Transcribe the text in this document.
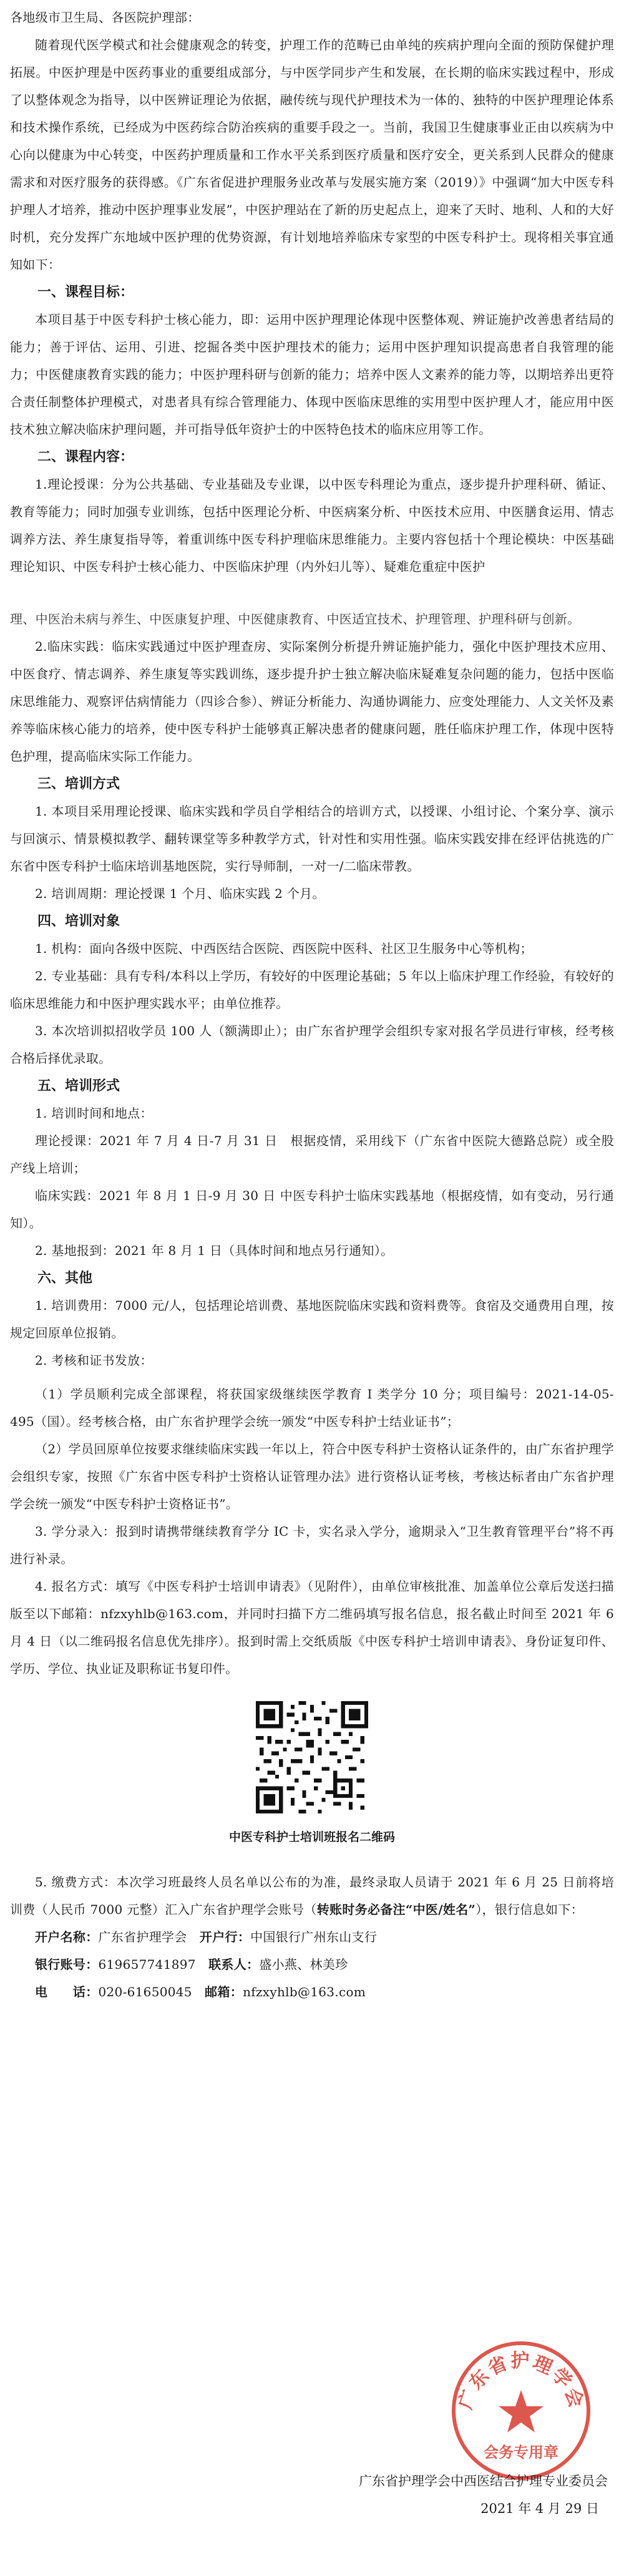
各地级市卫生局、各医院护理部：

随着现代医学模式和社会健康观念的转变，护理工作的范畴已由单纯的疾病护理向全面的预防保健护理拓展。中医护理是中医药事业的重要组成部分，与中医学同步产生和发展，在长期的临床实践过程中，形成了以整体观念为指导，以中医辨证理论为依据，融传统与现代护理技术为一体的、独特的中医护理理论体系和技术操作系统，已经成为中医药综合防治疾病的重要手段之一。当前，我国卫生健康事业正由以疾病为中心向以健康为中心转变，中医药护理质量和工作水平关系到医疗质量和医疗安全，更关系到人民群众的健康需求和对医疗服务的获得感。《广东省促进护理服务业改革与发展实施方案（2019）》中强调“加大中医专科护理人才培养，推动中医护理事业发展”，中医护理站在了新的历史起点上，迎来了天时、地利、人和的大好时机，充分发挥广东地域中医护理的优势资源，有计划地培养临床专家型的中医专科护士。现将相关事宜通知如下：

一、课程目标：

本项目基于中医专科护士核心能力，即：运用中医护理理论体现中医整体观、辨证施护改善患者结局的能力；善于评估、运用、引进、挖掘各类中医护理技术的能力；运用中医护理知识提高患者自我管理的能力；中医健康教育实践的能力；中医护理科研与创新的能力；培养中医人文素养的能力等，以期培养出更符合责任制整体护理模式，对患者具有综合管理能力、体现中医临床思维的实用型中医护理人才，能应用中医技术独立解决临床护理问题，并可指导低年资护士的中医特色技术的临床应用等工作。

二、课程内容：

1.理论授课：分为公共基础、专业基础及专业课，以中医专科理论为重点，逐步提升护理科研、循证、教育等能力；同时加强专业训练，包括中医理论分析、中医病案分析、中医技术应用、中医膳食运用、情志调养方法、养生康复指导等，着重训练中医专科护理临床思维能力。主要内容包括十个理论模块：中医基础理论知识、中医专科护士核心能力、中医临床护理（内外妇儿等）、疑难危重症中医护

理、中医治未病与养生、中医康复护理、中医健康教育、中医适宜技术、护理管理、护理科研与创新。

2.临床实践：临床实践通过中医护理查房、实际案例分析提升辨证施护能力，强化中医护理技术应用、中医食疗、情志调养、养生康复等实践训练，逐步提升护士独立解决临床疑难复杂问题的能力，包括中医临床思维能力、观察评估病情能力（四诊合参）、辨证分析能力、沟通协调能力、应变处理能力、人文关怀及素养等临床核心能力的培养，使中医专科护士能够真正解决患者的健康问题，胜任临床护理工作，体现中医特色护理，提高临床实际工作能力。

三、培训方式

1. 本项目采用理论授课、临床实践和学员自学相结合的培训方式，以授课、小组讨论、个案分享、演示与回演示、情景模拟教学、翻转课堂等多种教学方式，针对性和实用性强。临床实践安排在经评估挑选的广东省中医专科护士临床培训基地医院，实行导师制，一对一/二临床带教。

2. 培训周期：理论授课 1 个月、临床实践 2 个月。

四、培训对象

1. 机构：面向各级中医院、中西医结合医院、西医院中医科、社区卫生服务中心等机构；

2. 专业基础：具有专科/本科以上学历，有较好的中医理论基础；5 年以上临床护理工作经验，有较好的临床思维能力和中医护理实践水平；由单位推荐。

3. 本次培训拟招收学员 100 人（额满即止）；由广东省护理学会组织专家对报名学员进行审核，经考核合格后择优录取。

五、培训形式

1. 培训时间和地点：

理论授课：2021 年 7 月 4 日-7 月 31 日　根据疫情，采用线下（广东省中医院大德路总院）或全股产线上培训；

临床实践：2021 年 8 月 1 日-9 月 30 日 中医专科护士临床实践基地（根据疫情，如有变动，另行通知）。

2. 基地报到：2021 年 8 月 1 日（具体时间和地点另行通知）。

六、其他

1. 培训费用：7000 元/人，包括理论培训费、基地医院临床实践和资料费等。食宿及交通费用自理，按规定回原单位报销。

2. 考核和证书发放：

（1）学员顺利完成全部课程，将获国家级继续医学教育 I 类学分 10 分；项目编号：2021-14-05-495（国）。经考核合格，由广东省护理学会统一颁发“中医专科护士结业证书”；

（2）学员回原单位按要求继续临床实践一年以上，符合中医专科护士资格认证条件的，由广东省护理学会组织专家，按照《广东省中医专科护士资格认证管理办法》进行资格认证考核，考核达标者由广东省护理学会统一颁发“中医专科护士资格证书”。

3. 学分录入：报到时请携带继续教育学分 IC 卡，实名录入学分，逾期录入“卫生教育管理平台”将不再进行补录。

4. 报名方式：填写《中医专科护士培训申请表》（见附件），由单位审核批准、加盖单位公章后发送扫描版至以下邮箱：nfzxyhlb@163.com，并同时扫描下方二维码填写报名信息，报名截止时间至 2021 年 6 月 4 日（以二维码报名信息优先排序）。报到时需上交纸质版《中医专科护士培训申请表》、身份证复印件、学历、学位、执业证及职称证书复印件。

中医专科护士培训班报名二维码

5. 缴费方式：本次学习班最终人员名单以公布的为准，最终录取人员请于 2021 年 6 月 25 日前将培训费（人民币 7000 元整）汇入广东省护理学会账号（转账时务必备注“中医/姓名”），银行信息如下：

开户名称：广东省护理学会　 开户行：中国银行广州东山支行

银行账号：619657741897　 联系人：盛小燕、林美珍

电　　话：020-61650045　 邮箱：nfzxyhlb@163.com

广东省护理学会
会务专用章

广东省护理学会中西医结合护理专业委员会

2021 年 4 月 29 日
